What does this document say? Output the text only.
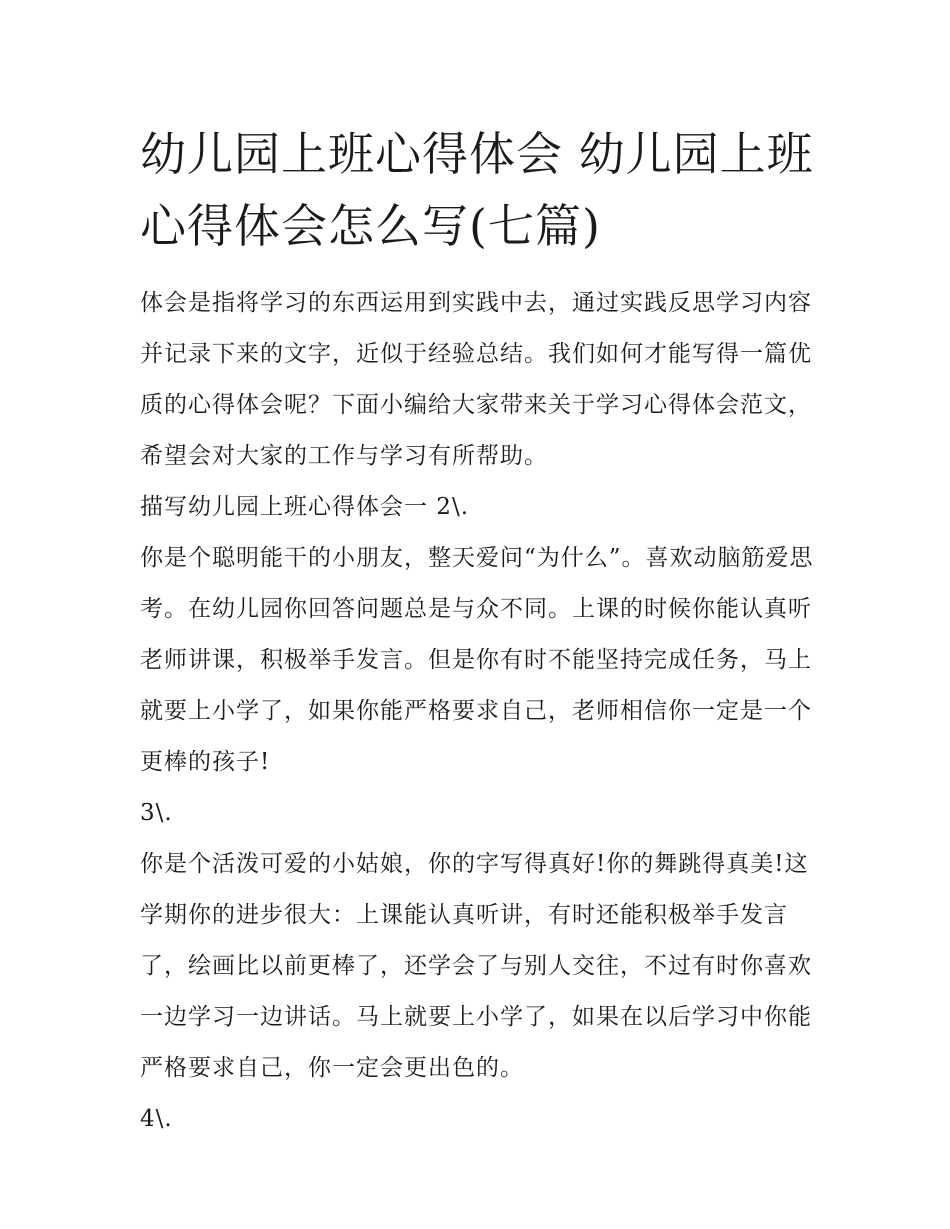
幼儿园上班心得体会 幼儿园上班心得体会怎么写(七篇)

体会是指将学习的东西运用到实践中去，通过实践反思学习内容并记录下来的文字，近似于经验总结。我们如何才能写得一篇优质的心得体会呢？下面小编给大家带来关于学习心得体会范文，希望会对大家的工作与学习有所帮助。

描写幼儿园上班心得体会一 2\.

你是个聪明能干的小朋友，整天爱问“为什么”。喜欢动脑筋爱思考。在幼儿园你回答问题总是与众不同。上课的时候你能认真听老师讲课，积极举手发言。但是你有时不能坚持完成任务，马上就要上小学了，如果你能严格要求自己，老师相信你一定是一个更棒的孩子!

3\.

你是个活泼可爱的小姑娘，你的字写得真好!你的舞跳得真美!这学期你的进步很大：上课能认真听讲，有时还能积极举手发言了，绘画比以前更棒了，还学会了与别人交往，不过有时你喜欢一边学习一边讲话。马上就要上小学了，如果在以后学习中你能严格要求自己，你一定会更出色的。

4\.
